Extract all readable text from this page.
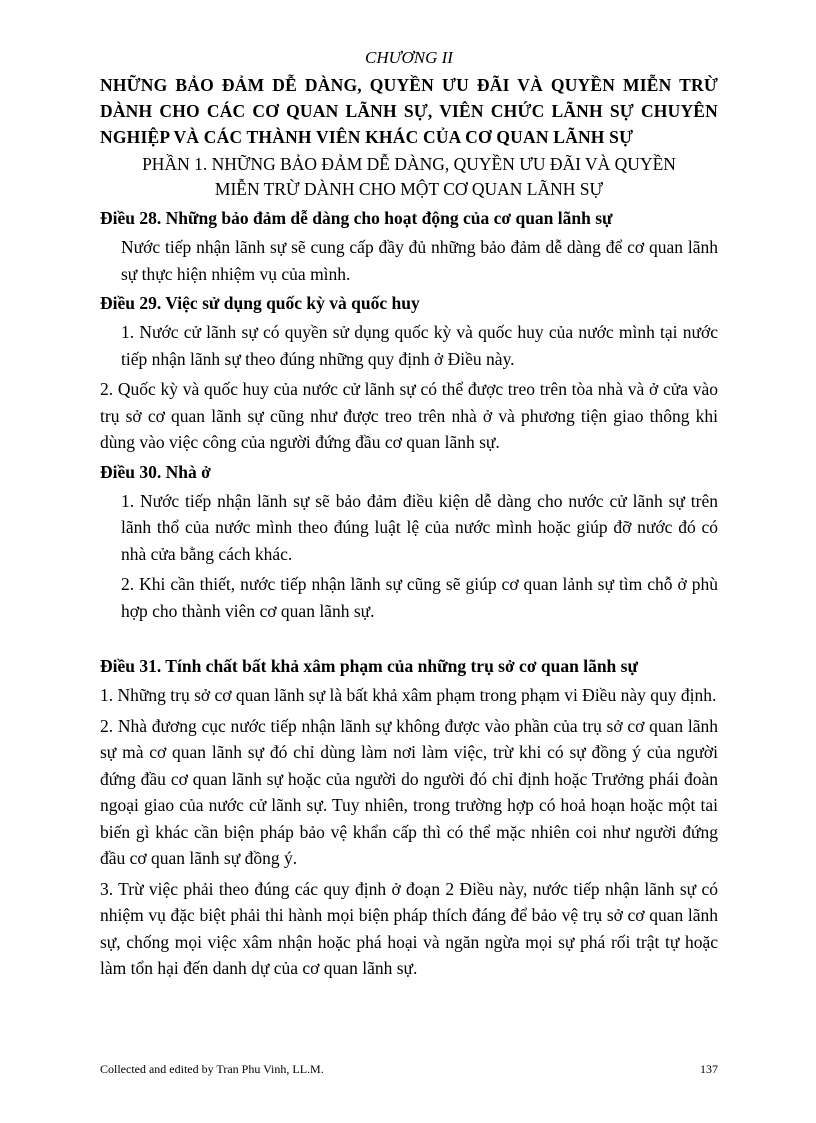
CHƯƠNG II

NHỮNG BẢO ĐẢM DỄ DÀNG, QUYỀN ƯU ĐÃI VÀ QUYỀN MIỄN TRỪ DÀNH CHO CÁC CƠ QUAN LÃNH SỰ, VIÊN CHỨC LÃNH SỰ CHUYÊN NGHIỆP VÀ CÁC THÀNH VIÊN KHÁC CỦA CƠ QUAN LÃNH SỰ

PHẦN 1. NHỮNG BẢO ĐẢM DỄ DÀNG, QUYỀN ƯU ĐÃI VÀ QUYỀN
MIỄN TRỪ DÀNH CHO MỘT CƠ QUAN LÃNH SỰ

Điều 28. Những bảo đảm dễ dàng cho hoạt động của cơ quan lãnh sự

Nước tiếp nhận lãnh sự sẽ cung cấp đầy đủ những bảo đảm dễ dàng để cơ quan lãnh sự thực hiện nhiệm vụ của mình.

Điều 29. Việc sử dụng quốc kỳ và quốc huy

1. Nước cử lãnh sự có quyền sử dụng quốc kỳ và quốc huy của nước mình tại nước tiếp nhận lãnh sự theo đúng những quy định ở Điều này.

2. Quốc kỳ và quốc huy của nước cử lãnh sự có thể được treo trên tòa nhà và ở cửa vào trụ sở cơ quan lãnh sự cũng như được treo trên nhà ở và phương tiện giao thông khi dùng vào việc công của người đứng đầu cơ quan lãnh sự.

Điều 30. Nhà ở

1. Nước tiếp nhận lãnh sự sẽ bảo đảm điều kiện dễ dàng cho nước cử lãnh sự trên lãnh thổ của nước mình theo đúng luật lệ của nước mình hoặc giúp đỡ nước đó có nhà cửa bằng cách khác.

2. Khi cần thiết, nước tiếp nhận lãnh sự cũng sẽ giúp cơ quan lảnh sự tìm chỗ ở phù hợp cho thành viên cơ quan lãnh sự.

Điều 31. Tính chất bất khả xâm phạm của những trụ sở cơ quan lãnh sự

1. Những trụ sở cơ quan lãnh sự là bất khả xâm phạm trong phạm vi Điều này quy định.

2. Nhà đương cục nước tiếp nhận lãnh sự không được vào phần của trụ sở cơ quan lãnh sự mà cơ quan lãnh sự đó chỉ dùng làm nơi làm việc, trừ khi có sự đồng ý của người đứng đầu cơ quan lãnh sự hoặc của người do người đó chỉ định hoặc Trưởng phái đoàn ngoại giao của nước cử lãnh sự. Tuy nhiên, trong trường hợp có hoả hoạn hoặc một tai biến gì khác cần biện pháp bảo vệ khẩn cấp thì có thể mặc nhiên coi như người đứng đầu cơ quan lãnh sự đồng ý.

3. Trừ việc phải theo đúng các quy định ở đoạn 2 Điều này, nước tiếp nhận lãnh sự có nhiệm vụ đặc biệt phải thi hành mọi biện pháp thích đáng để bảo vệ trụ sở cơ quan lãnh sự, chống mọi việc xâm nhận hoặc phá hoại và ngăn ngừa mọi sự phá rối trật tự hoặc làm tổn hại đến danh dự của cơ quan lãnh sự.

Collected and edited by Tran Phu Vinh, LL.M.	137
